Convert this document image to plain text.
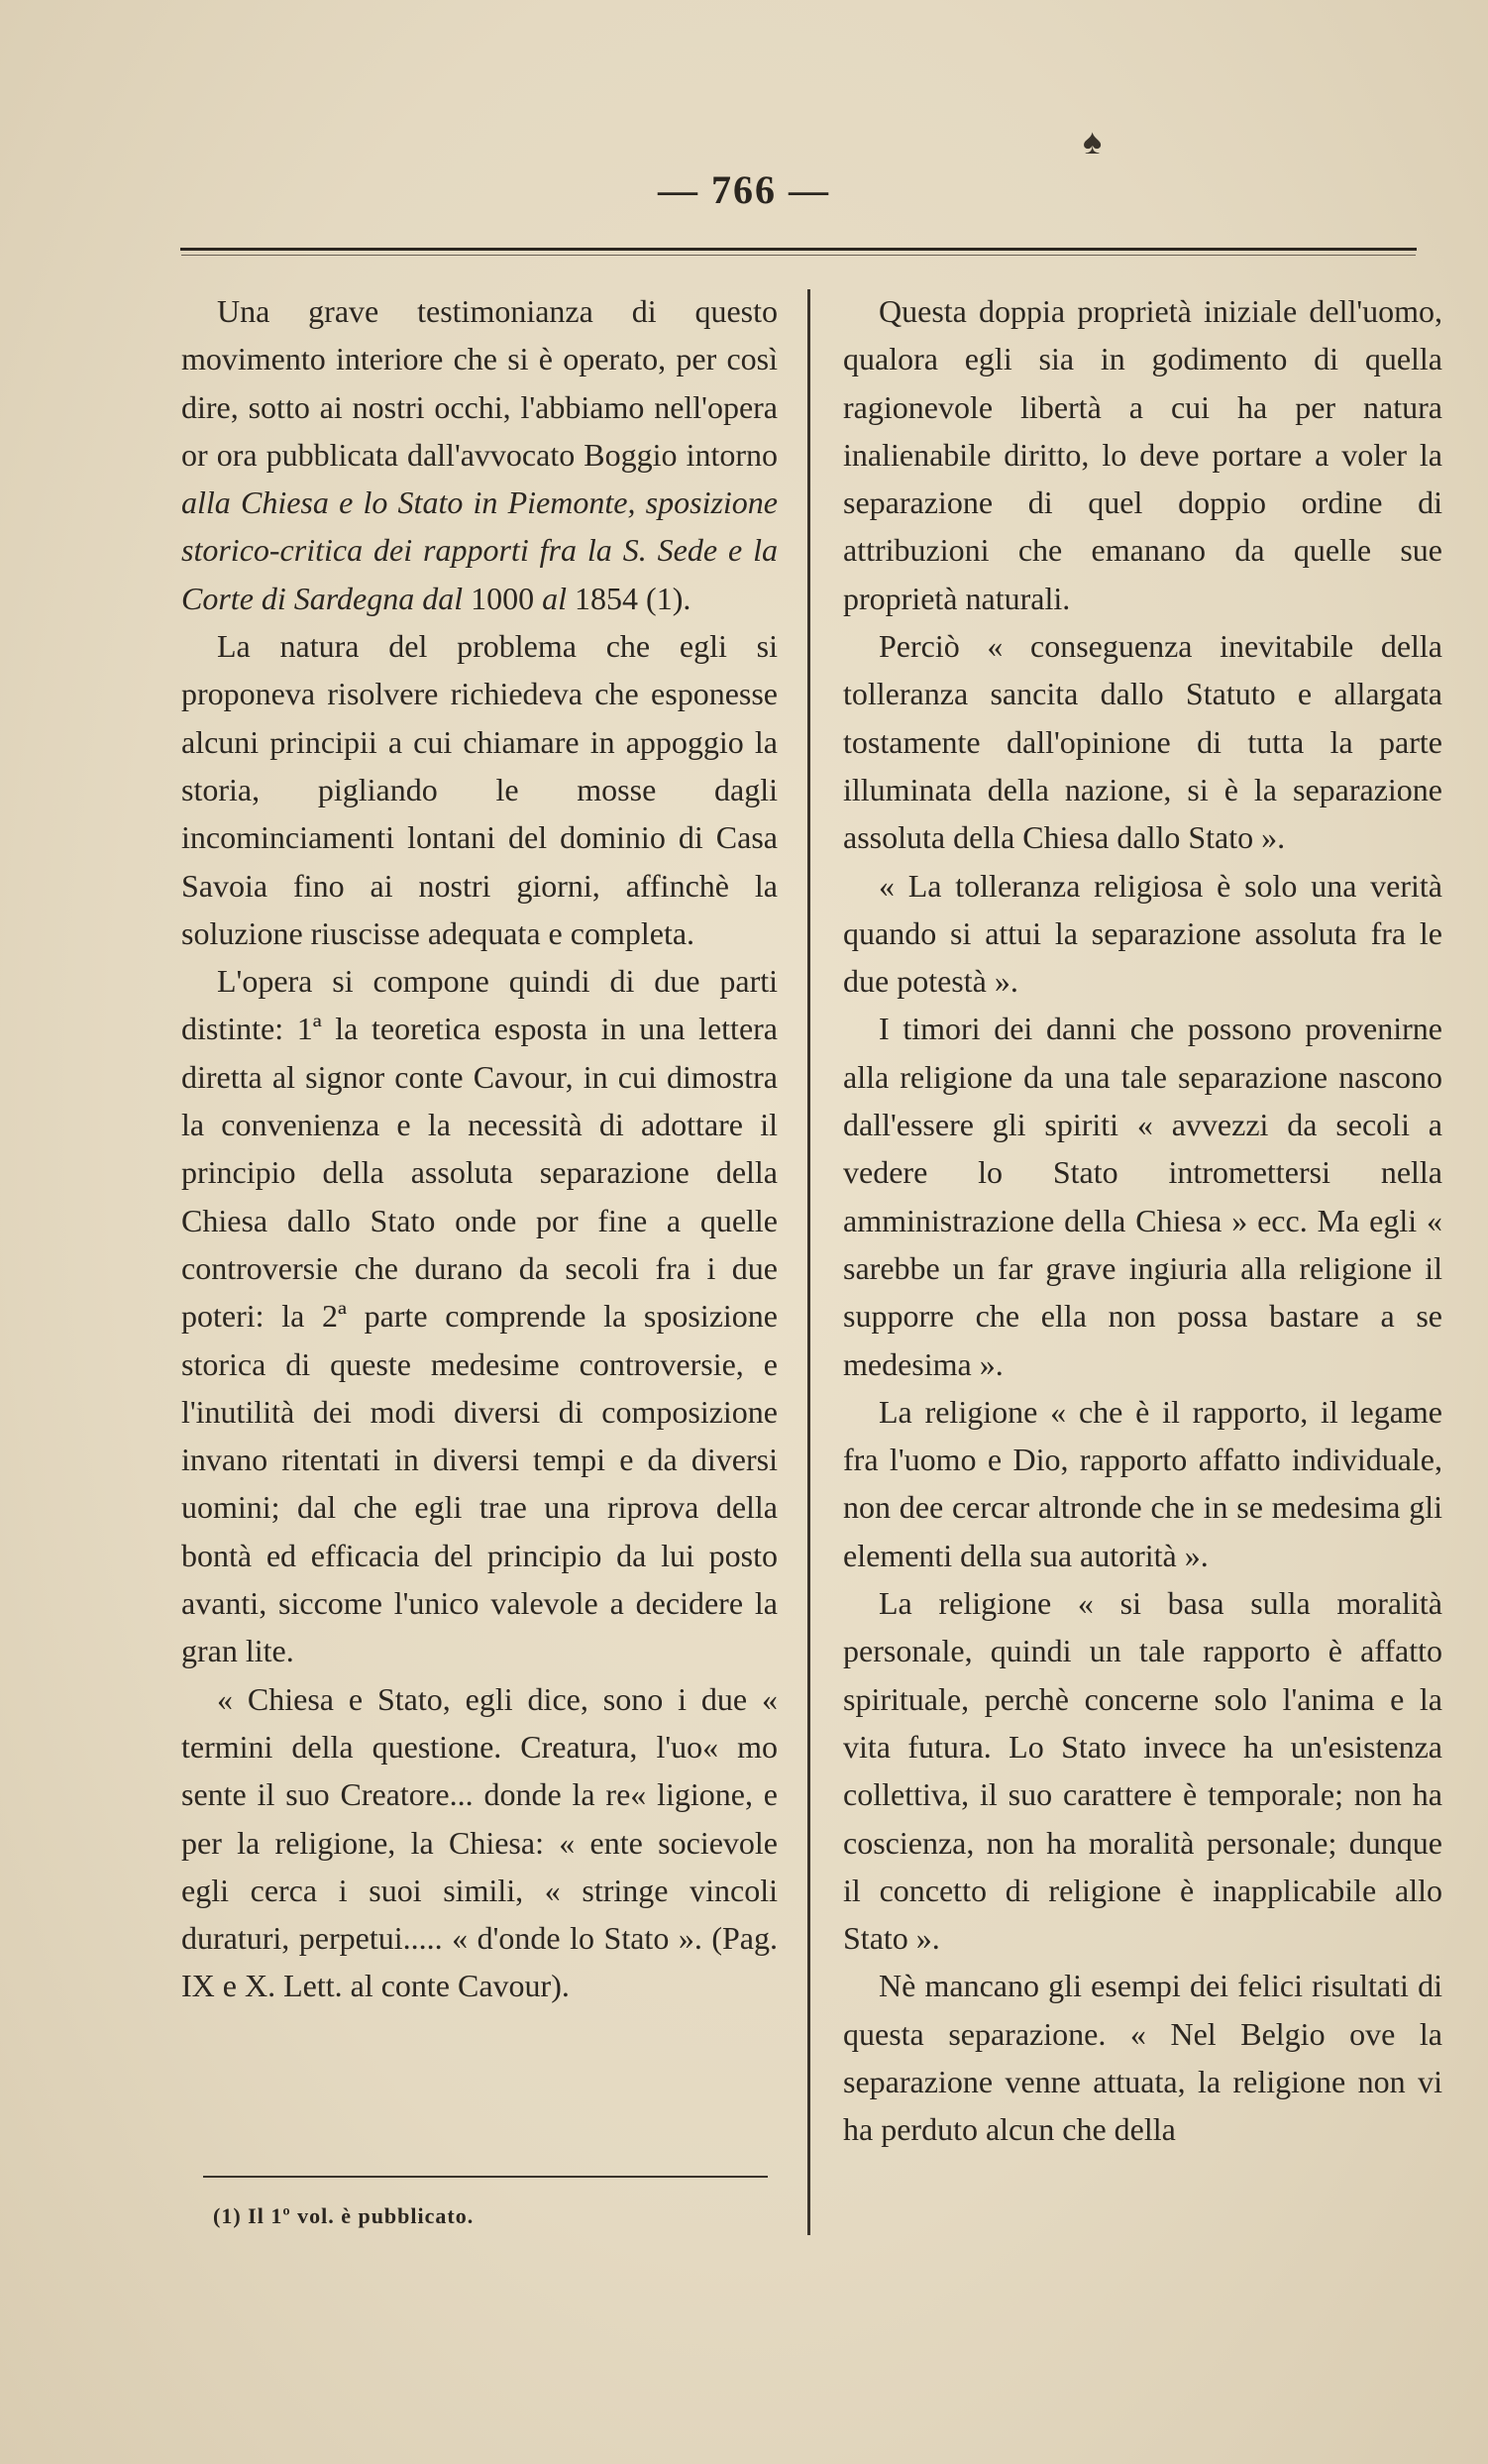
♠
— 766 —

Una grave testimonianza di questo movimento interiore che si è operato, per così dire, sotto ai nostri occhi, l'abbiamo nell'opera or ora pubblicata dall'avvocato Boggio intorno alla Chiesa e lo Stato in Piemonte, sposizione storico-critica dei rapporti fra la S. Sede e la Corte di Sardegna dal 1000 al 1854 (1).

La natura del problema che egli si proponeva risolvere richiedeva che esponesse alcuni principii a cui chiamare in appoggio la storia, pigliando le mosse dagli incominciamenti lontani del dominio di Casa Savoia fino ai nostri giorni, affinchè la soluzione riuscisse adequata e completa.

L'opera si compone quindi di due parti distinte: 1ª la teoretica esposta in una lettera diretta al signor conte Cavour, in cui dimostra la convenienza e la necessità di adottare il principio della assoluta separazione della Chiesa dallo Stato onde por fine a quelle controversie che durano da secoli fra i due poteri: la 2ª parte comprende la sposizione storica di queste medesime controversie, e l'inutilità dei modi diversi di composizione invano ritentati in diversi tempi e da diversi uomini; dal che egli trae una riprova della bontà ed efficacia del principio da lui posto avanti, siccome l'unico valevole a decidere la gran lite.

« Chiesa e Stato, egli dice, sono i due « termini della questione. Creatura, l'uo« mo sente il suo Creatore... donde la re« ligione, e per la religione, la Chiesa: « ente socievole egli cerca i suoi simili, « stringe vincoli duraturi, perpetui..... « d'onde lo Stato ». (Pag. IX e X. Lett. al conte Cavour).

Questa doppia proprietà iniziale dell'uomo, qualora egli sia in godimento di quella ragionevole libertà a cui ha per natura inalienabile diritto, lo deve portare a voler la separazione di quel doppio ordine di attribuzioni che emanano da quelle sue proprietà naturali.

Perciò « conseguenza inevitabile della tolleranza sancita dallo Statuto e allargata tostamente dall'opinione di tutta la parte illuminata della nazione, si è la separazione assoluta della Chiesa dallo Stato ».

« La tolleranza religiosa è solo una verità quando si attui la separazione assoluta fra le due potestà ».

I timori dei danni che possono provenirne alla religione da una tale separazione nascono dall'essere gli spiriti « avvezzi da secoli a vedere lo Stato intromettersi nella amministrazione della Chiesa » ecc. Ma egli « sarebbe un far grave ingiuria alla religione il supporre che ella non possa bastare a se medesima ».

La religione « che è il rapporto, il legame fra l'uomo e Dio, rapporto affatto individuale, non dee cercar altronde che in se medesima gli elementi della sua autorità ».

La religione « si basa sulla moralità personale, quindi un tale rapporto è affatto spirituale, perchè concerne solo l'anima e la vita futura. Lo Stato invece ha un'esistenza collettiva, il suo carattere è temporale; non ha coscienza, non ha moralità personale; dunque il concetto di religione è inapplicabile allo Stato ».

Nè mancano gli esempi dei felici risultati di questa separazione. « Nel Belgio ove la separazione venne attuata, la religione non vi ha perduto alcun che della

(1) Il 1º vol. è pubblicato.
